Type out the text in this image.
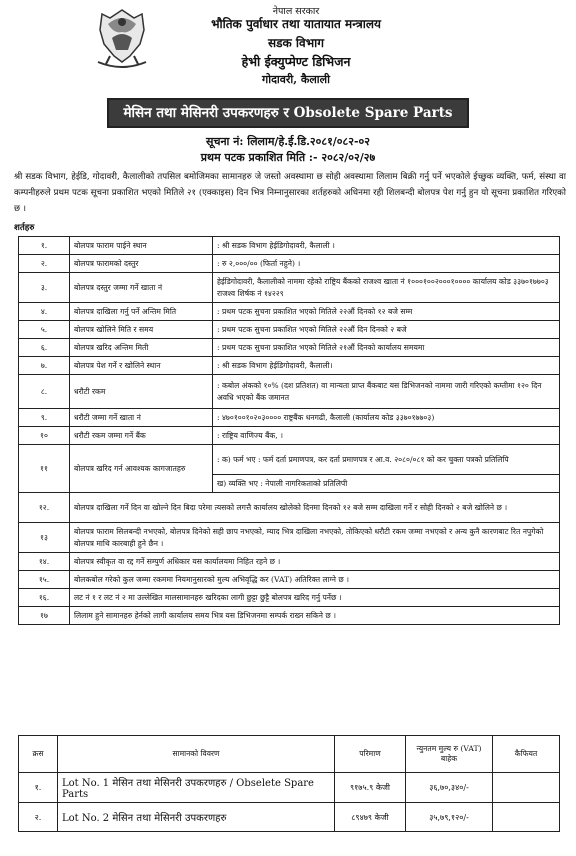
नेपाल सरकार
भौतिक पुर्वाधार तथा यातायात मन्त्रालय
सडक विभाग
हेभी ईक्युप्मेण्ट डिभिजन
गोदावरी, कैलाली
मेसिन तथा मेसिनरी उपकरणहरु र Obsolete Spare Parts
सूचना नं: लिलाम/हे.ई.डि.२०८१/०८२-०२
प्रथम पटक प्रकाशित मिति :- २०८२/०२/२७
श्री सडक विभाग, हेईडि, गोदावरी, कैलालीको तपसिल बमोजिमका सामानहरु जे जस्तो अवस्थामा छ सोही अवस्थामा लिलाम बिक्री गर्नु पर्ने भएकोले ईच्छुक व्यक्ति, फर्म, संस्था वा कम्पनीहरुले प्रथम पटक सूचना प्रकाशित भएको मितिले २१ (एक्काइस) दिन भित्र निम्नानुसारका शर्तहरुको अधिनमा रही शिलबन्दी बोलपत्र पेश गर्नु हुन यो सूचना प्रकाशित गरिएको छ ।
शर्तहरु
१.	बोलपत्र फाराम पाईने स्थान	: श्री सडक विभाग हेईडिगोदावरी, कैलाली ।
२.	बोलपत्र फारामको दस्तुर	: रु २,०००/०० (फिर्ता नहुने) ।
३.	बोलपत्र दस्तुर जम्मा गर्ने खाता नं	हेईडिगोदावरी, कैलालीको नाममा रहेको राष्ट्रिय बैंकको राजश्व खाता नं १०००१००२०००१०००० कार्यालय कोड ३३७०१७७०३ राजश्व शिर्षक नं १४२२९
४.	बोलपत्र दाखिला गर्नु पर्ने अन्तिम मिति	: प्रथम पटक सुचना प्रकाशित भएको मितिले २२औं दिनको १२ बजे सम्म
५.	बोलपत्र खोलिने मिति र समय	: प्रथम पटक सुचना प्रकाशित भएको मितिले २२औं दिन दिनको २ बजे
६.	बोलपत्र खरिद अन्तिम मिती	: प्रथम पटक सुचना प्रकाशित भएको मितिले २१औं दिनको कार्यालय समयमा
७.	बोलपत्र पेश गर्ने र खोलिने स्थान	: श्री सडक विभाग हेईडिगोदावरी, कैलाली।
८.	धरौटी रकम	: कबोल अंकको १०% (दश प्रतिशत) वा मान्यता प्राप्त बैंकबाट यस डिभिजनको नाममा जारी गरिएको कम्तीमा १२० दिन अवधि भएको बैंक जमानत
९.	धरौटी जम्मा गर्ने खाता नं	: ४७०१००१०२०३०००० राष्ट्रबैंक धनगढी, कैलाली (कार्यालय कोड ३३७०१७७०३)
१०	धरौटी रकम जम्मा गर्ने बैंक	: राष्ट्रिय वाणिज्य बैंक, ।
११	बोलपत्र खरिद गर्न आवश्यक कागजातहरु	: क) फर्म भए : फर्म दर्ता प्रमाणपत्र, कर दर्ता प्रमाणपत्र र आ.व. २०८०/०८१ को कर चुक्ता पत्रको प्रतिलिपि
		ख) व्यक्ति भए : नेपाली नागरिकताको प्रतिलिपी
१२.	बोलपत्र दाखिला गर्ने दिन वा खोल्ने दिन बिदा परेमा त्यसको लगत्तै कार्यालय खोलेको दिनमा दिनको १२ बजे सम्म दाखिला गर्ने र सोही दिनको २ बजे खोलिने छ ।	
१३	बोलपत्र फाराम सिलबन्दी नभएको, बोलपत्र दिनेको सही छाप नभएको, म्याद भित्र दाखिला नभएको, तोकिएको धरौटी रकम जम्मा नभएको र अन्य कुनै कारणबाट रित नपुगेको बोलपत्र माथि कारबाही हुने छैन ।	
१४.	बोलपत्र स्वीकृत वा रद्द गर्ने सम्पुर्ण अधिकार यस कार्यालयमा निहित रहने छ ।	
१५.	बोलकबोल गरेको कुल जम्मा रकममा नियमानुसारको मुल्य अभिवृद्धि कर (VAT) अतिरिक्त लाग्ने छ ।	
१६.	लट नं १ र लट नं २ मा उल्लेखित मालसामानहरु खरिदका लागी छुट्टा छुट्टै बोलपत्र खरिद गर्नु पर्नेछ ।	
१७	लिलाम हुने सामानहरु हेर्नको लागी कार्यालय समय भित्र यस डिभिजनमा सम्पर्क राख्न सकिने छ ।	
क्रस	सामानको विवरण	परिमाण	न्युनतम मुल्य रु (VAT) बाहेक	कैफियत
१.	Lot No. 1 मेसिन तथा मेसिनरी उपकरणहरु / Obselete Spare Parts	९१७५.९ केजी	३६,७०,३४०/-	
२.	Lot No. 2 मेसिन तथा मेसिनरी उपकरणहरु	८९४७९ केजी	३५,७९,१२०/-	
